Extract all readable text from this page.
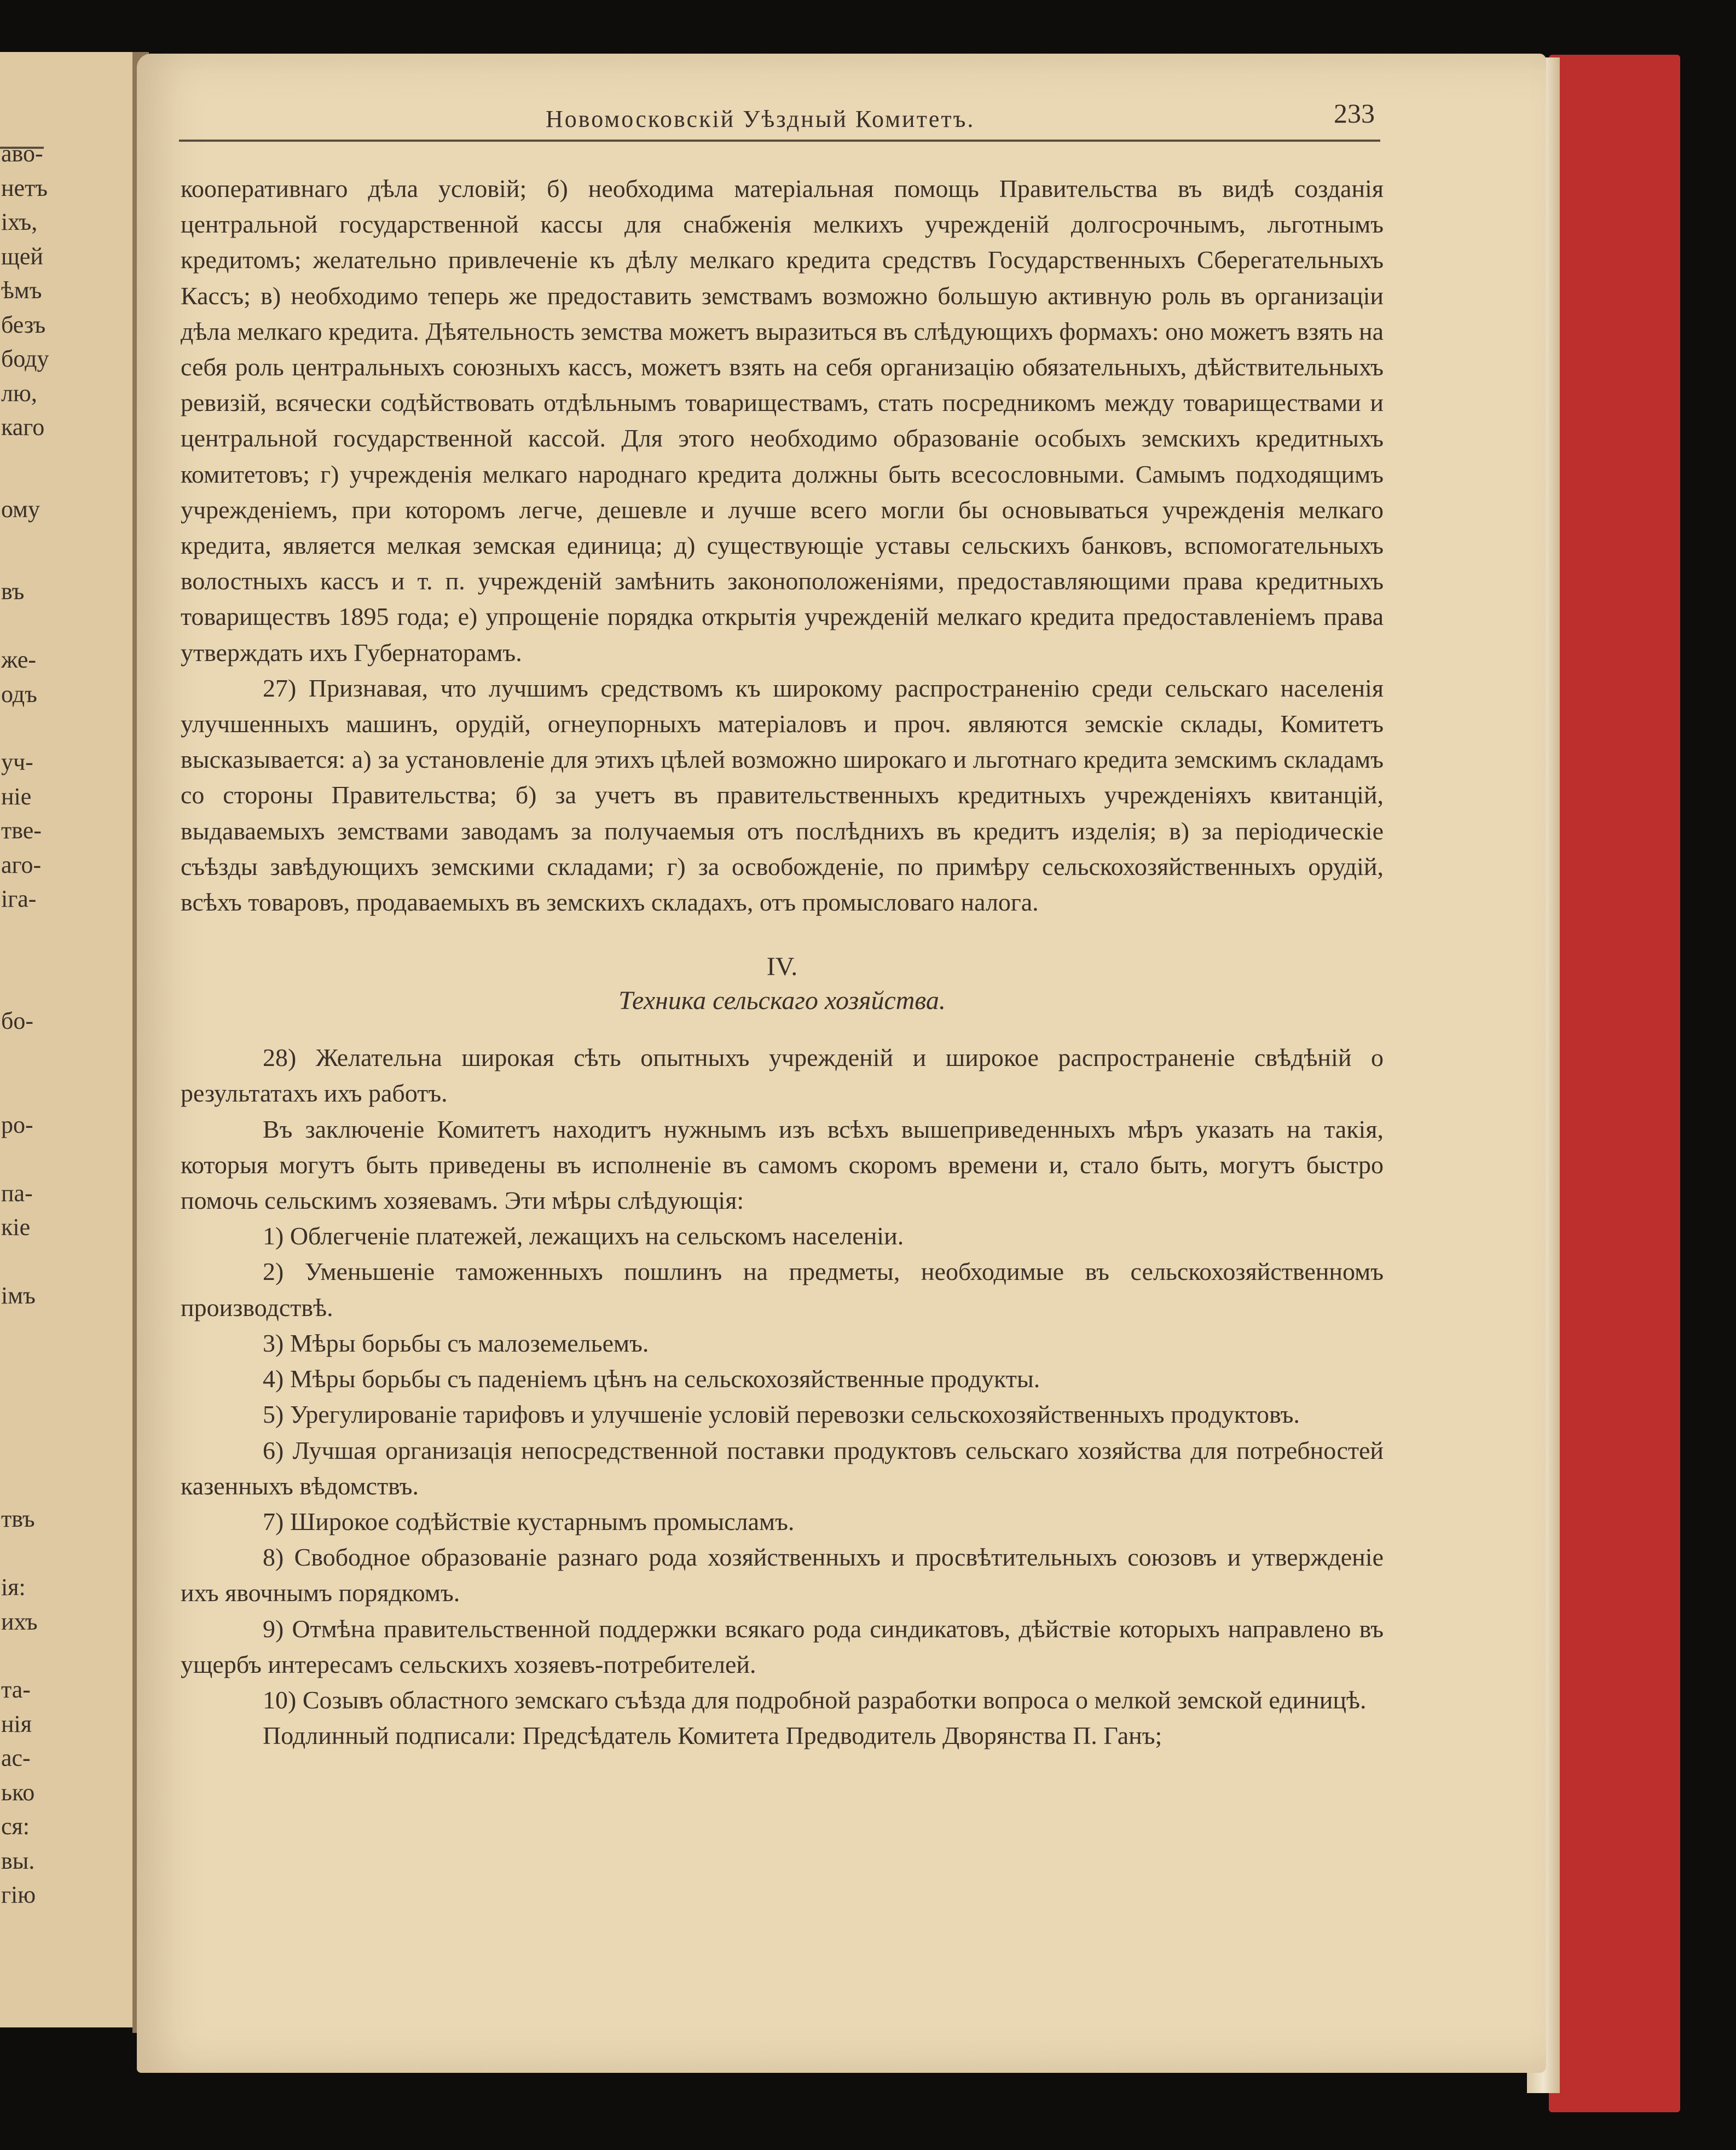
аво-
нетъ
іхъ,
щей
ѣмъ
безъ
боду
лю,
каго
ому
въ
же-
одъ
уч-
ніе
тве-
аго-
іга-
бо-
ро-
па-
кіе
імъ
твъ
ія:
ихъ
та-
нія
ас-
ько
ся:
вы.
гію
Новомосковскій Уѣздный Комитетъ.	233

кооперативнаго дѣла условій; б) необходима матеріальная помощь Правительства въ видѣ созданія центральной государственной кассы для снабженія мелкихъ учрежденій долгосрочнымъ, льготнымъ кредитомъ; желательно привлеченіе къ дѣлу мелкаго кредита средствъ Государственныхъ Сберегательныхъ Кассъ; в) необходимо теперь же предоставить земствамъ возможно большую активную роль въ организаціи дѣла мелкаго кредита. Дѣятельность земства можетъ выразиться въ слѣдующихъ формахъ: оно можетъ взять на себя роль центральныхъ союзныхъ кассъ, можетъ взять на себя организацію обязательныхъ, дѣйствительныхъ ревизій, всячески содѣйствовать отдѣльнымъ товариществамъ, стать посредникомъ между товариществами и центральной государственной кассой. Для этого необходимо образованіе особыхъ земскихъ кредитныхъ комитетовъ; г) учрежденія мелкаго народнаго кредита должны быть всесословными. Самымъ подходящимъ учрежденіемъ, при которомъ легче, дешевле и лучше всего могли бы основываться учрежденія мелкаго кредита, является мелкая земская единица; д) существующіе уставы сельскихъ банковъ, вспомогательныхъ волостныхъ кассъ и т. п. учрежденій замѣнить законоположеніями, предоставляющими права кредитныхъ товариществъ 1895 года; е) упрощеніе порядка открытія учрежденій мелкаго кредита предоставленіемъ права утверждать ихъ Губернаторамъ.

27) Признавая, что лучшимъ средствомъ къ широкому распространенію среди сельскаго населенія улучшенныхъ машинъ, орудій, огнеупорныхъ матеріаловъ и проч. являются земскіе склады, Комитетъ высказывается: а) за установленіе для этихъ цѣлей возможно широкаго и льготнаго кредита земскимъ складамъ со стороны Правительства; б) за учетъ въ правительственныхъ кредитныхъ учрежденіяхъ квитанцій, выдаваемыхъ земствами заводамъ за получаемыя отъ послѣднихъ въ кредитъ изделія; в) за періодическіе съѣзды завѣдующихъ земскими складами; г) за освобожденіе, по примѣру сельскохозяйственныхъ орудій, всѣхъ товаровъ, продаваемыхъ въ земскихъ складахъ, отъ промысловаго налога.

IV.
Техника сельскаго хозяйства.

28) Желательна широкая сѣть опытныхъ учрежденій и широкое распространеніе свѣдѣній о результатахъ ихъ работъ.

Въ заключеніе Комитетъ находитъ нужнымъ изъ всѣхъ вышеприведенныхъ мѣръ указать на такія, которыя могутъ быть приведены въ исполненіе въ самомъ скоромъ времени и, стало быть, могутъ быстро помочь сельскимъ хозяевамъ. Эти мѣры слѣдующія:

1) Облегченіе платежей, лежащихъ на сельскомъ населеніи.

2) Уменьшеніе таможенныхъ пошлинъ на предметы, необходимые въ сельскохозяйственномъ производствѣ.

3) Мѣры борьбы съ малоземельемъ.

4) Мѣры борьбы съ паденіемъ цѣнъ на сельскохозяйственные продукты.

5) Урегулированіе тарифовъ и улучшеніе условій перевозки сельскохозяйственныхъ продуктовъ.

6) Лучшая организація непосредственной поставки продуктовъ сельскаго хозяйства для потребностей казенныхъ вѣдомствъ.

7) Широкое содѣйствіе кустарнымъ промысламъ.

8) Свободное образованіе разнаго рода хозяйственныхъ и просвѣтительныхъ союзовъ и утвержденіе ихъ явочнымъ порядкомъ.

9) Отмѣна правительственной поддержки всякаго рода синдикатовъ, дѣйствіе которыхъ направлено въ ущербъ интересамъ сельскихъ хозяевъ-потребителей.

10) Созывъ областного земскаго съѣзда для подробной разработки вопроса о мелкой земской единицѣ.

Подлинный подписали: Предсѣдатель Комитета Предводитель Дворянства П. Ганъ;
